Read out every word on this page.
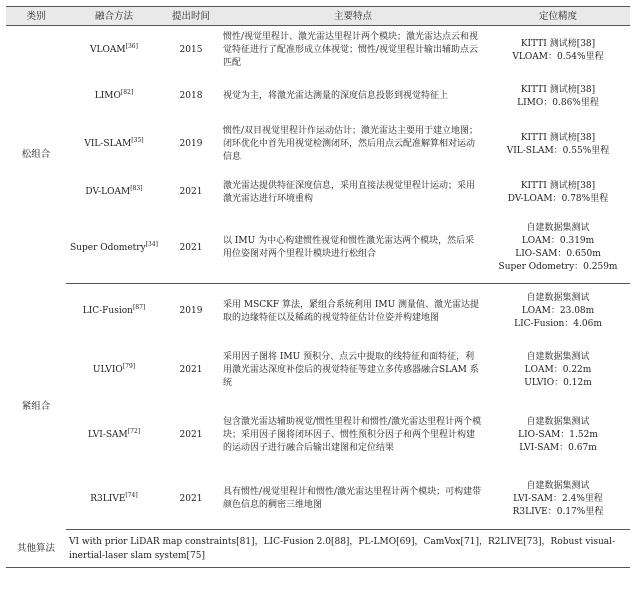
类别	融合方法	提出时间	主要特点	定位精度
松组合	VLOAM[36]	2015	惯性/视觉里程计、激光雷达里程计两个模块；激光雷达点云和视觉特征进行了配准形成立体视觉；惯性/视觉里程计输出辅助点云匹配	KITTI 测试榜[38]
VLOAM：0.54%里程

	LIMO[82]	2018	视觉为主，将激光雷达测量的深度信息投影到视觉特征上	KITTI 测试榜[38]
LIMO：0.86%里程

	VIL-SLAM[35]	2019	惯性/双目视觉里程计作运动估计；激光雷达主要用于建立地图；闭环优化中首先用视觉检测闭环，然后用点云配准解算相对运动信息	KITTI 测试榜[38]
VIL-SLAM：0.55%里程

	DV-LOAM[83]	2021	激光雷达提供特征深度信息，采用直接法视觉里程计运动；采用激光雷达进行环境重构	KITTI 测试榜[38]
DV-LOAM：0.78%里程

	Super Odometry[34]	2021	以 IMU 为中心构建惯性视觉和惯性激光雷达两个模块，然后采用位姿图对两个里程计模块进行松组合	自建数据集测试
LOAM：0.319m
LIO-SAM：0.650m
Super Odometry：0.259m

紧组合	LIC-Fusion[87]	2019	采用 MSCKF 算法，紧组合系统利用 IMU 测量值、激光雷达提取的边缘特征以及稀疏的视觉特征估计位姿并构建地图	自建数据集测试
LOAM：23.08m
LIC-Fusion：4.06m

	ULVIO[79]	2021	采用因子图将 IMU 预积分、点云中提取的线特征和面特征，利用激光雷达深度补偿后的视觉特征等建立多传感器融合SLAM 系统	自建数据集测试
LOAM：0.22m
ULVIO：0.12m

	LVI-SAM[72]	2021	包含激光雷达辅助视觉/惯性里程计和惯性/激光雷达里程计两个模块；采用因子图将闭环因子、惯性预积分因子和两个里程计构建的运动因子进行融合后输出建图和定位结果	自建数据集测试
LIO-SAM：1.52m
LVI-SAM：0.67m

	R3LIVE[74]	2021	具有惯性/视觉里程计和惯性/激光雷达里程计两个模块；可构建带颜色信息的稠密三维地图	自建数据集测试
LVI-SAM：2.4%里程
R3LIVE：0.17%里程

其他算法	VI with prior LiDAR map constraints[81]，LIC-Fusion 2.0[88]，PL-LMO[69]，CamVox[71]，R2LIVE[73]，Robust visual-inertial-laser slam system[75]			
